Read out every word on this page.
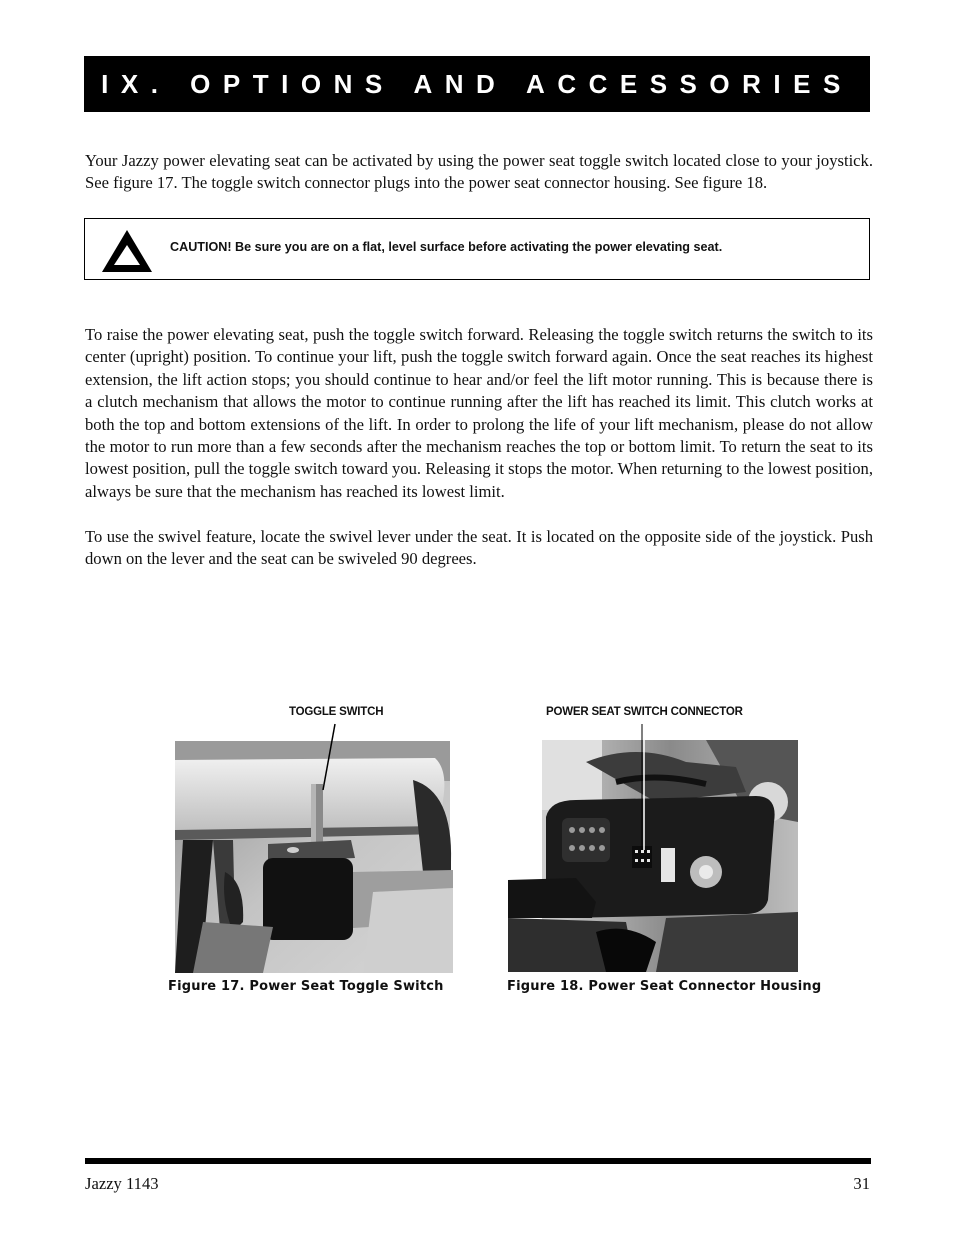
IX. OPTIONS AND ACCESSORIES

Your Jazzy power elevating seat can be activated by using the power seat toggle switch located close to your joystick. See figure 17. The toggle switch connector plugs into the power seat connector housing. See figure 18.

CAUTION! Be sure you are on a flat, level surface before activating the power elevating seat.

To raise the power elevating seat, push the toggle switch forward. Releasing the toggle switch returns the switch to its center (upright) position. To continue your lift, push the toggle switch forward again. Once the seat reaches its highest extension, the lift action stops; you should continue to hear and/or feel the lift motor running. This is because there is a clutch mechanism that allows the motor to continue running after the lift has reached its limit. This clutch works at both the top and bottom extensions of the lift. In order to prolong the life of your lift mechanism, please do not allow the motor to run more than a few seconds after the mechanism reaches the top or bottom limit. To return the seat to its lowest position, pull the toggle switch toward you. Releasing it stops the motor. When returning to the lowest position, always be sure that the mechanism has reached its lowest limit.

To use the swivel feature, locate the swivel lever under the seat. It is located on the opposite side of the joystick. Push down on the lever and the seat can be swiveled 90 degrees.

TOGGLE SWITCH
Figure 17. Power Seat Toggle Switch
POWER SEAT SWITCH CONNECTOR
Figure 18. Power Seat Connector Housing
Jazzy 1143	31
